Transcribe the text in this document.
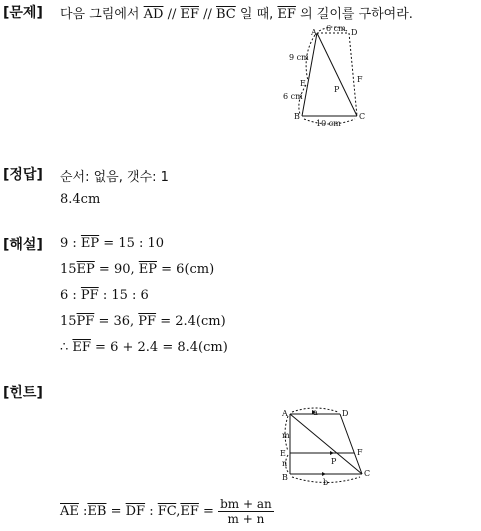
[문제] 다음 그림에서 $\overline{AD} // \overline{EF} // \overline{BC}$ 일 때, $\overline{EF}$ 의 길이를 구하여라.
A	D
B	C
E	F
P
6 cm
9 cm
6 cm
10 cm
[정답] 순서: 없음, 갯수: 1
8.4cm
[해설] 9 : $\overline{EP} = 15$ : 10
$15\overline{EP} = 90$, $\overline{EP} = 6(cm)$
6 : $\overline{PF}$ : 15 : 6
$15\overline{PF} = 36$, $\overline{PF} = 2.4(cm)$
∴ $\overline{EF} = 6 + 2.4 = 8.4(cm)$
[힌트]
A	D
B	C
E	F
P
a
b
m
n
$\overline{AE}$ $:\overline{EB} = \overline{DF}$ : $\overline{FC},\overline{EF} = \frac{bm + an}{m + n}$
